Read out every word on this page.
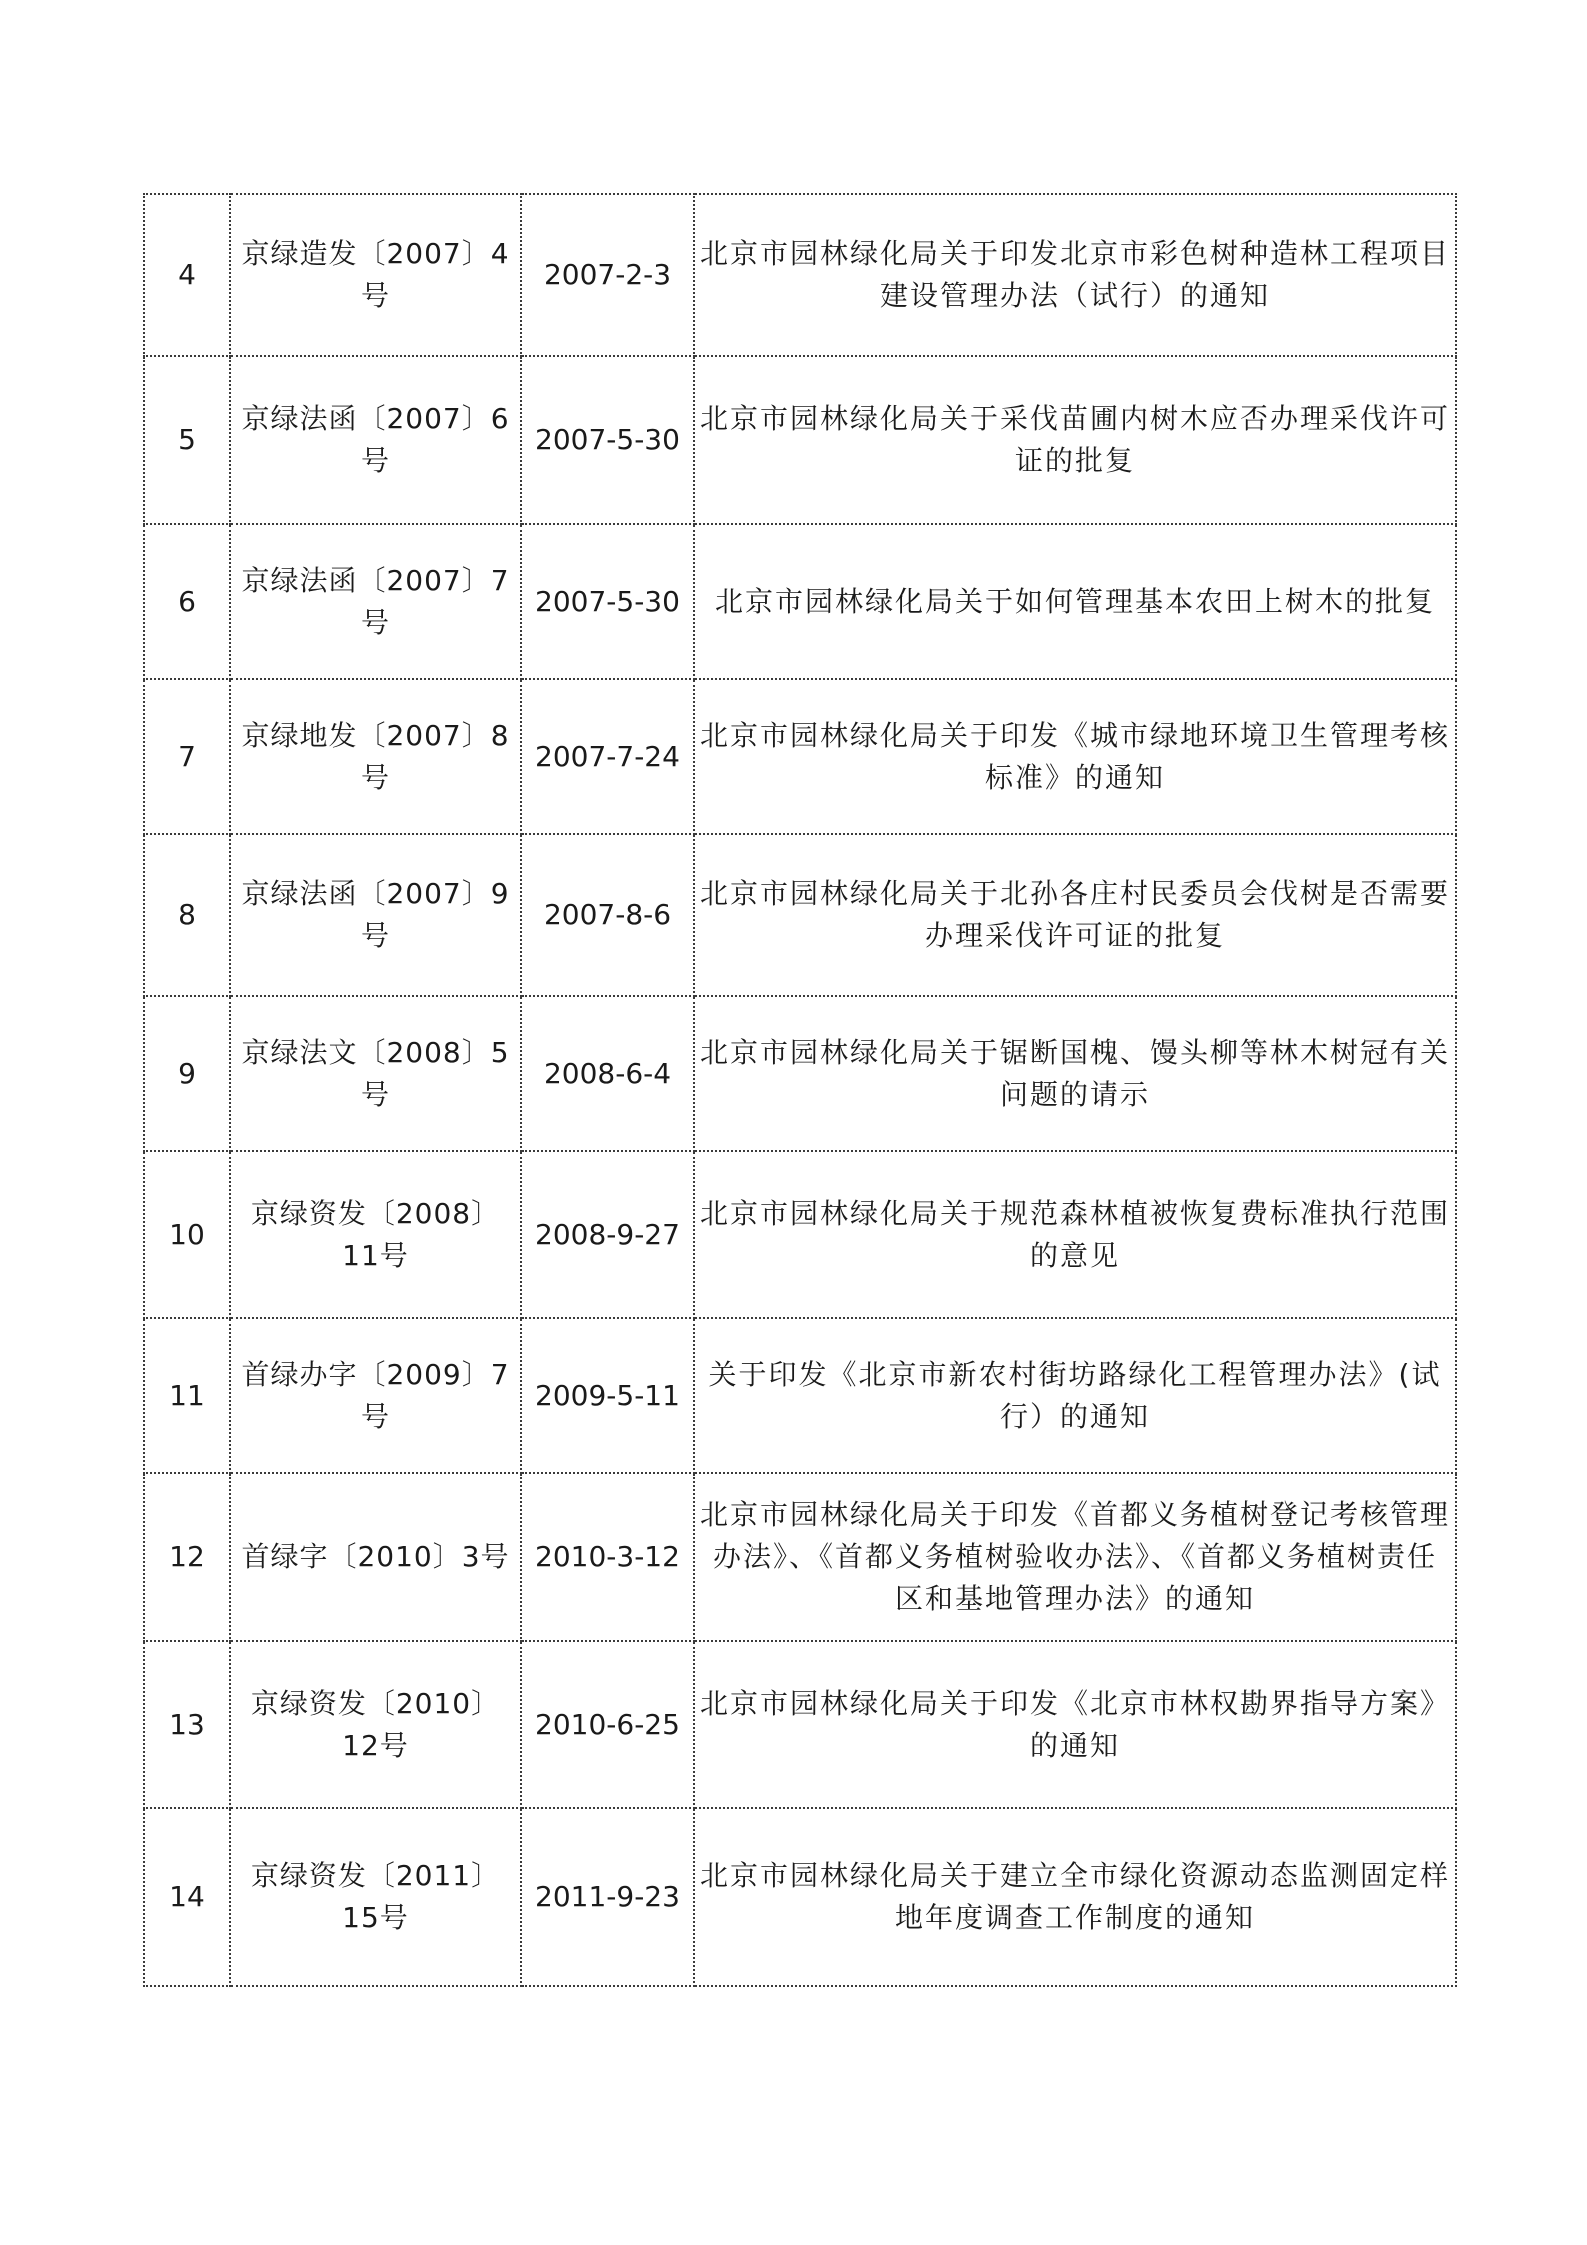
4	京绿造发〔2007〕4号	2007-2-3	北京市园林绿化局关于印发北京市彩色树种造林工程项目建设管理办法（试行）的通知
5	京绿法函〔2007〕6号	2007-5-30	北京市园林绿化局关于采伐苗圃内树木应否办理采伐许可证的批复
6	京绿法函〔2007〕7号	2007-5-30	北京市园林绿化局关于如何管理基本农田上树木的批复
7	京绿地发〔2007〕8号	2007-7-24	北京市园林绿化局关于印发《城市绿地环境卫生管理考核标准》的通知
8	京绿法函〔2007〕9号	2007-8-6	北京市园林绿化局关于北孙各庄村民委员会伐树是否需要办理采伐许可证的批复
9	京绿法文〔2008〕5号	2008-6-4	北京市园林绿化局关于锯断国槐、馒头柳等林木树冠有关问题的请示
10	京绿资发〔2008〕11号	2008-9-27	北京市园林绿化局关于规范森林植被恢复费标准执行范围的意见
11	首绿办字〔2009〕7号	2009-5-11	关于印发《北京市新农村街坊路绿化工程管理办法》(试行）的通知
12	首绿字〔2010〕3号	2010-3-12	北京市园林绿化局关于印发《首都义务植树登记考核管理办法》、《首都义务植树验收办法》、《首都义务植树责任区和基地管理办法》的通知
13	京绿资发〔2010〕12号	2010-6-25	北京市园林绿化局关于印发《北京市林权勘界指导方案》的通知
14	京绿资发〔2011〕15号	2011-9-23	北京市园林绿化局关于建立全市绿化资源动态监测固定样地年度调查工作制度的通知
